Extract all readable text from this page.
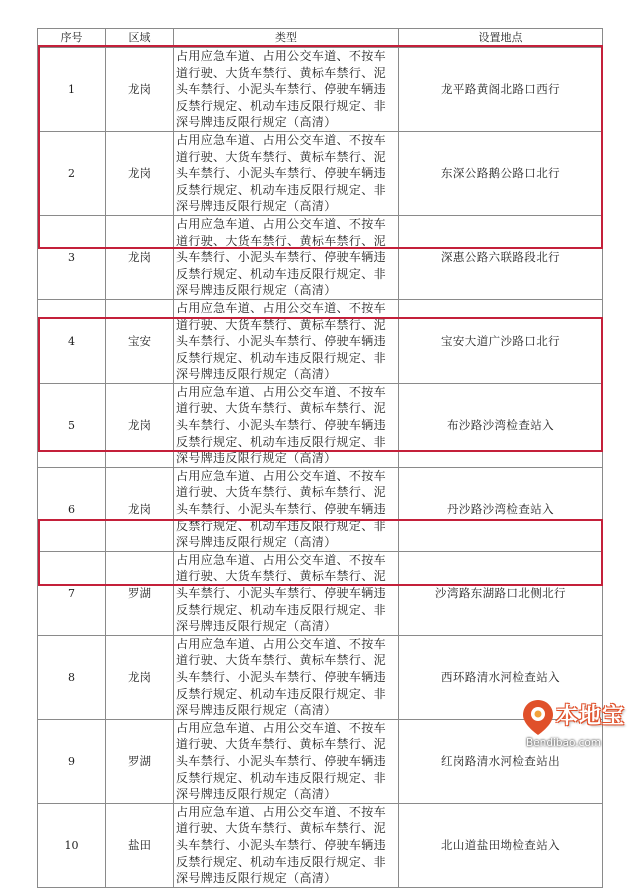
序号	区域	类型	设置地点
1	龙岗	占用应急车道、占用公交车道、不按车道行驶、大货车禁行、黄标车禁行、泥头车禁行、小泥头车禁行、停驶车辆违反禁行规定、机动车违反限行规定、非深号牌违反限行规定（高清）	龙平路黄阁北路口西行
2	龙岗	占用应急车道、占用公交车道、不按车道行驶、大货车禁行、黄标车禁行、泥头车禁行、小泥头车禁行、停驶车辆违反禁行规定、机动车违反限行规定、非深号牌违反限行规定（高清）	东深公路鹅公路口北行
3	龙岗	占用应急车道、占用公交车道、不按车道行驶、大货车禁行、黄标车禁行、泥头车禁行、小泥头车禁行、停驶车辆违反禁行规定、机动车违反限行规定、非深号牌违反限行规定（高清）	深惠公路六联路段北行
4	宝安	占用应急车道、占用公交车道、不按车道行驶、大货车禁行、黄标车禁行、泥头车禁行、小泥头车禁行、停驶车辆违反禁行规定、机动车违反限行规定、非深号牌违反限行规定（高清）	宝安大道广沙路口北行
5	龙岗	占用应急车道、占用公交车道、不按车道行驶、大货车禁行、黄标车禁行、泥头车禁行、小泥头车禁行、停驶车辆违反禁行规定、机动车违反限行规定、非深号牌违反限行规定（高清）	布沙路沙湾检查站入
6	龙岗	占用应急车道、占用公交车道、不按车道行驶、大货车禁行、黄标车禁行、泥头车禁行、小泥头车禁行、停驶车辆违反禁行规定、机动车违反限行规定、非深号牌违反限行规定（高清）	丹沙路沙湾检查站入
7	罗湖	占用应急车道、占用公交车道、不按车道行驶、大货车禁行、黄标车禁行、泥头车禁行、小泥头车禁行、停驶车辆违反禁行规定、机动车违反限行规定、非深号牌违反限行规定（高清）	沙湾路东湖路口北侧北行
8	龙岗	占用应急车道、占用公交车道、不按车道行驶、大货车禁行、黄标车禁行、泥头车禁行、小泥头车禁行、停驶车辆违反禁行规定、机动车违反限行规定、非深号牌违反限行规定（高清）	西环路清水河检查站入
9	罗湖	占用应急车道、占用公交车道、不按车道行驶、大货车禁行、黄标车禁行、泥头车禁行、小泥头车禁行、停驶车辆违反禁行规定、机动车违反限行规定、非深号牌违反限行规定（高清）	红岗路清水河检查站出
10	盐田	占用应急车道、占用公交车道、不按车道行驶、大货车禁行、黄标车禁行、泥头车禁行、小泥头车禁行、停驶车辆违反禁行规定、机动车违反限行规定、非深号牌违反限行规定（高清）	北山道盐田坳检查站入
本地宝
Bendibao.com
